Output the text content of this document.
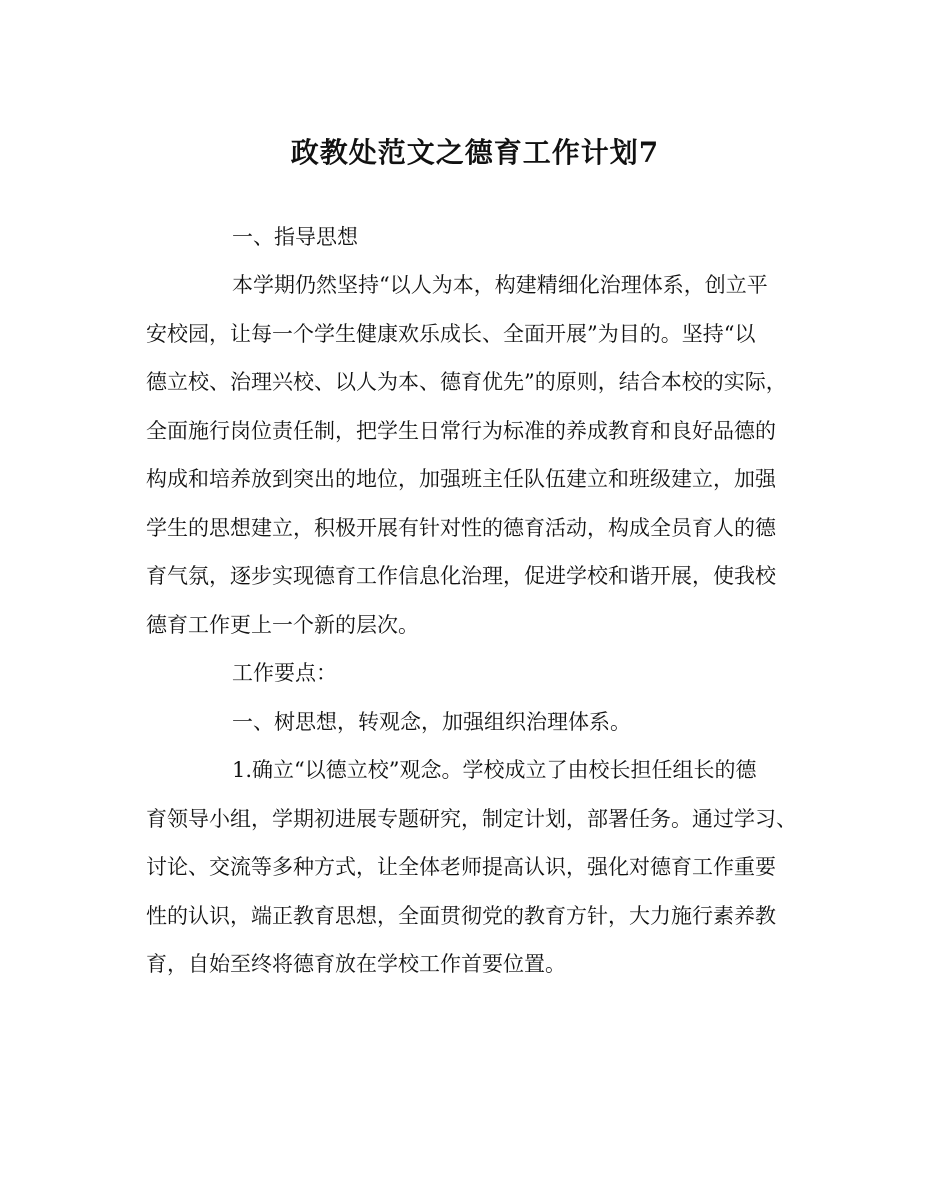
政教处范文之德育工作计划7

一、指导思想

本学期仍然坚持“以人为本，构建精细化治理体系，创立平

安校园，让每一个学生健康欢乐成长、全面开展”为目的。坚持“以

德立校、治理兴校、以人为本、德育优先”的原则，结合本校的实际，

全面施行岗位责任制，把学生日常行为标准的养成教育和良好品德的

构成和培养放到突出的地位，加强班主任队伍建立和班级建立，加强

学生的思想建立，积极开展有针对性的德育活动，构成全员育人的德

育气氛，逐步实现德育工作信息化治理，促进学校和谐开展，使我校

德育工作更上一个新的层次。

工作要点：

一、树思想，转观念，加强组织治理体系。

1.确立“以德立校”观念。学校成立了由校长担任组长的德

育领导小组，学期初进展专题研究，制定计划，部署任务。通过学习、

讨论、交流等多种方式，让全体老师提高认识，强化对德育工作重要

性的认识，端正教育思想，全面贯彻党的教育方针，大力施行素养教

育，自始至终将德育放在学校工作首要位置。
